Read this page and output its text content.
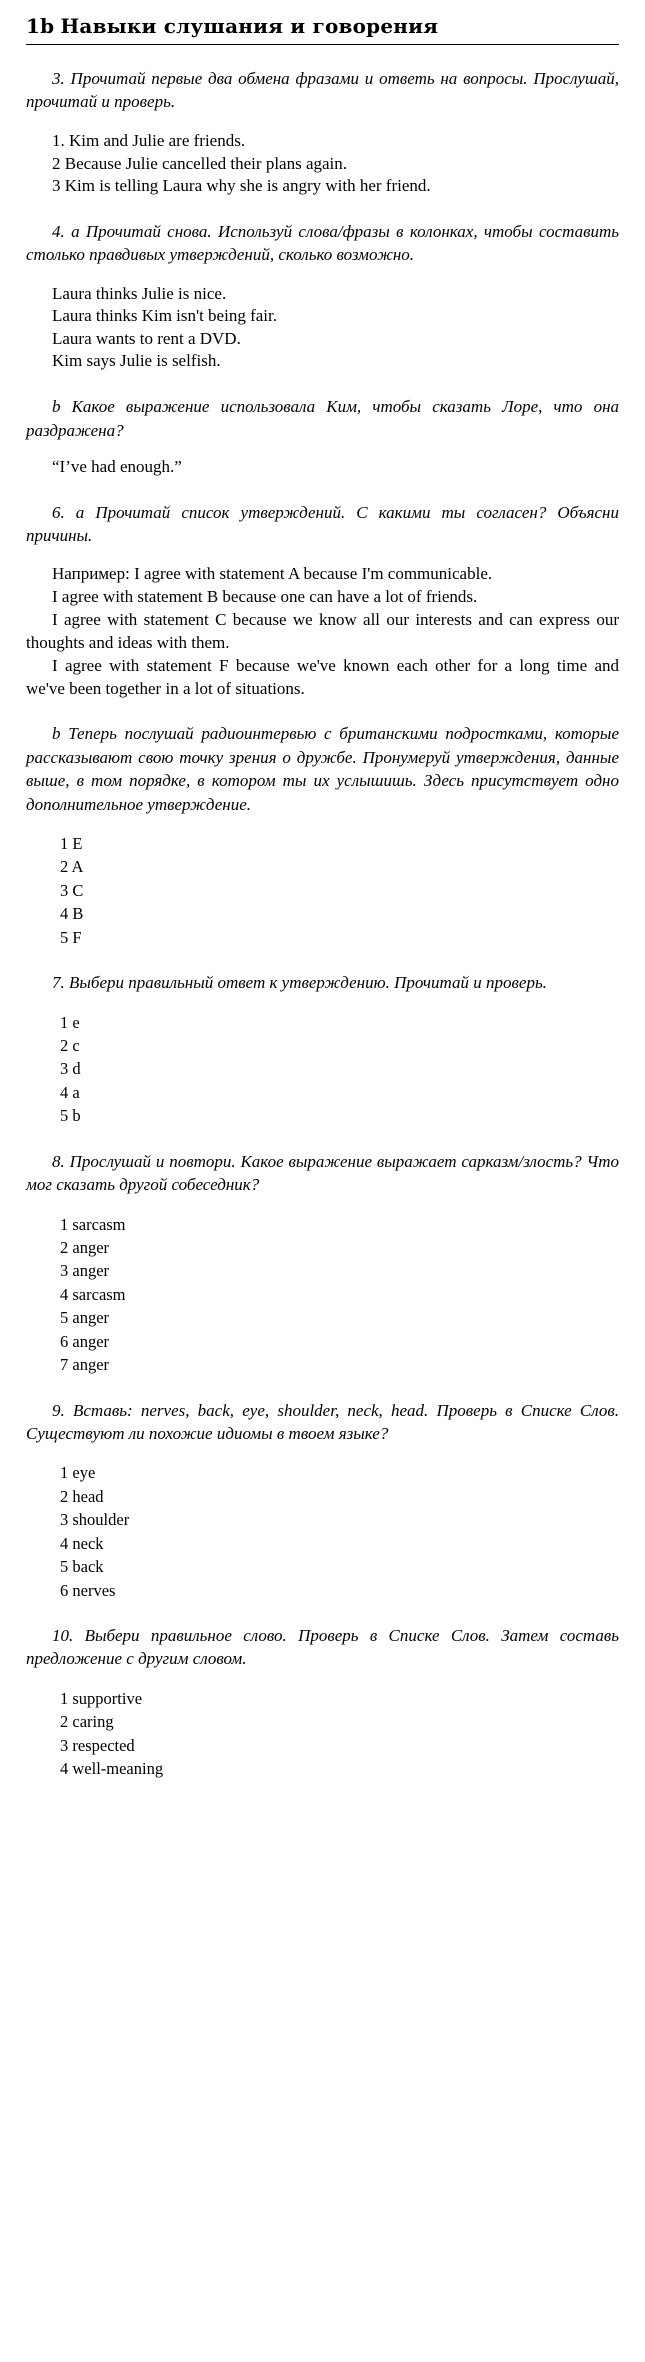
1b Навыки слушания и говорения

3. Прочитай первые два обмена фразами и ответь на вопросы. Прослушай, прочитай и проверь.

1. Kim and Julie are friends.
2 Because Julie cancelled their plans again.
3 Kim is telling Laura why she is angry with her friend.

4. a Прочитай снова. Используй слова/фразы в колонках, чтобы составить столько правдивых утверждений, сколько возможно.

Laura thinks Julie is nice.
Laura thinks Kim isn't being fair.
Laura wants to rent a DVD.
Kim says Julie is selfish.

b Какое выражение использовала Ким, чтобы сказать Лоре, что она раздражена?

“I’ve had enough.”

6. a Прочитай список утверждений. С какими ты согласен? Объясни причины.

Например: I agree with statement A because I'm communicable.

I agree with statement B because one can have a lot of friends.

I agree with statement C because we know all our interests and can express our thoughts and ideas with them.

I agree with statement F because we've known each other for a long time and we've been together in a lot of situations.

b Теперь послушай радиоинтервью с британскими подростками, которые рассказывают свою точку зрения о дружбе. Пронумеруй утверждения, данные выше, в том порядке, в котором ты их услышишь. Здесь присутствует одно дополнительное утверждение.

1 E
2 A
3 C
4 B
5 F

7. Выбери правильный ответ к утверждению. Прочитай и проверь.

1 e
2 c
3 d
4 a
5 b

8. Прослушай и повтори. Какое выражение выражает сарказм/злость? Что мог сказать другой собеседник?

1 sarcasm
2 anger
3 anger
4 sarcasm
5 anger
6 anger
7 anger

9. Вставь: nerves, back, eye, shoulder, neck, head. Проверь в Списке Слов. Существуют ли похожие идиомы в твоем языке?

1 eye
2 head
3 shoulder
4 neck
5 back
6 nerves

10. Выбери правильное слово. Проверь в Списке Слов. Затем составь предложение с другим словом.

1 supportive
2 caring
3 respected
4 well-meaning
